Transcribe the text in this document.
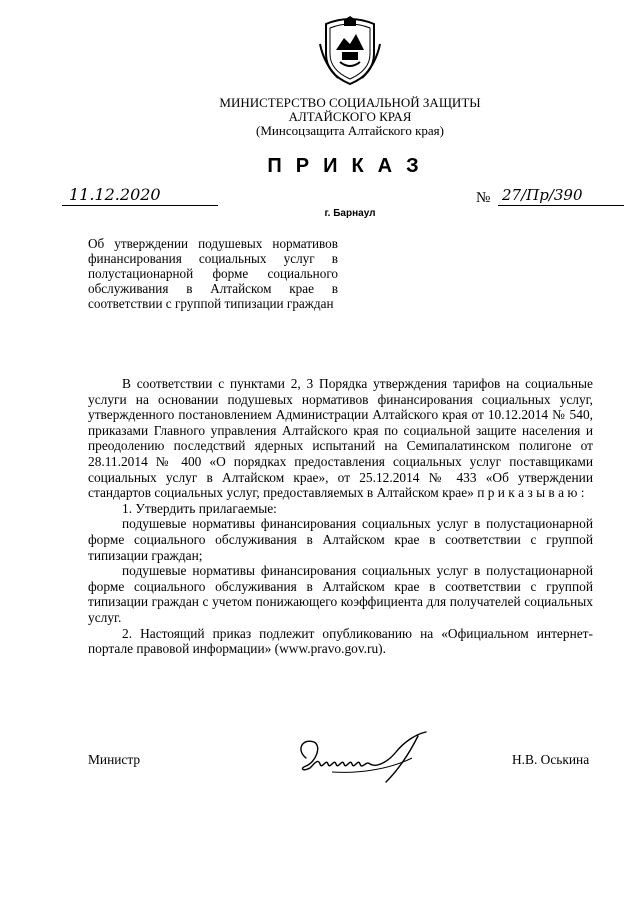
МИНИСТЕРСТВО СОЦИАЛЬНОЙ ЗАЩИТЫ
АЛТАЙСКОГО КРАЯ
(Минсоцзащита Алтайского края)
ПРИКАЗ
11.12.2020	№ 27/Пр/390
г. Барнаул
Об утверждении подушевых нормативов финансирования социальных услуг в полустационарной форме социального обслуживания в Алтайском крае в соответствии с группой типизации граждан

В соответствии с пунктами 2, 3 Порядка утверждения тарифов на социальные услуги на основании подушевых нормативов финансирования социальных услуг, утвержденного постановлением Администрации Алтайского края от 10.12.2014 № 540, приказами Главного управления Алтайского края по социальной защите населения и преодолению последствий ядерных испытаний на Семипалатинском полигоне от 28.11.2014 № 400 «О порядках предоставления социальных услуг поставщиками социальных услуг в Алтайском крае», от 25.12.2014 № 433 «Об утверждении стандартов социальных услуг, предоставляемых в Алтайском крае» п р и к а з ы в а ю :

1. Утвердить прилагаемые:

подушевые нормативы финансирования социальных услуг в полустационарной форме социального обслуживания в Алтайском крае в соответствии с группой типизации граждан;

подушевые нормативы финансирования социальных услуг в полустационарной форме социального обслуживания в Алтайском крае в соответствии с группой типизации граждан с учетом понижающего коэффициента для получателей социальных услуг.

2. Настоящий приказ подлежит опубликованию на «Официальном интернет-портале правовой информации» (www.pravo.gov.ru).

Министр	Н.В. Оськина
